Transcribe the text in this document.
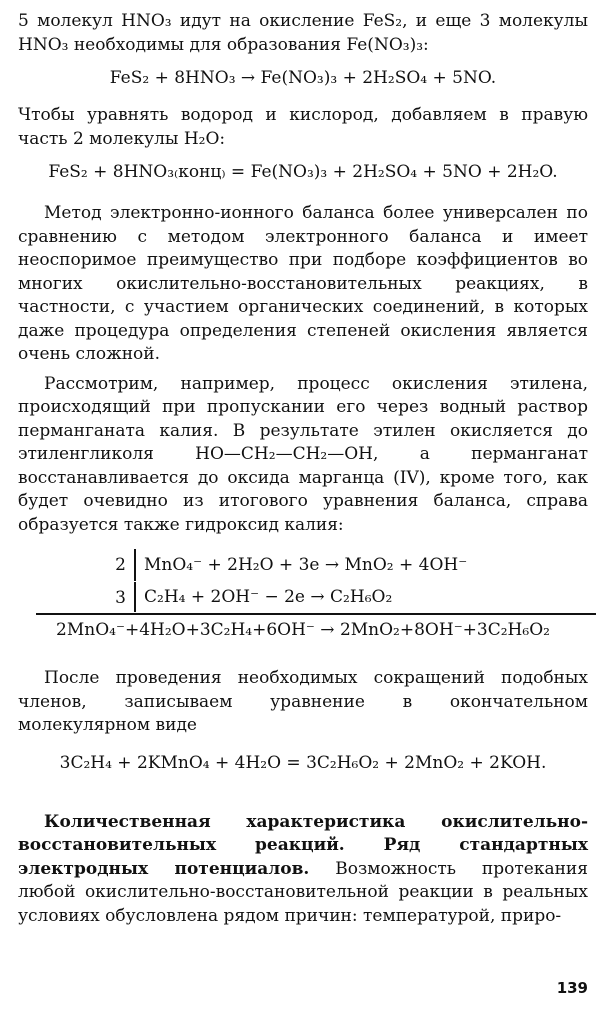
5 молекул HNO₃ идут на окисление FeS₂, и еще 3 молекулы HNO₃ необходимы для образования Fe(NO₃)₃:

FeS₂ + 8HNO₃ → Fe(NO₃)₃ + 2H₂SO₄ + 5NO.

Чтобы уравнять водород и кислород, добавляем в правую часть 2 молекулы H₂O:

FeS₂ + 8HNO₃₍конц₎ = Fe(NO₃)₃ + 2H₂SO₄ + 5NO + 2H₂O.

Метод электронно-ионного баланса более универсален по сравнению с методом электронного баланса и имеет неоспоримое преимущество при подборе коэффициентов во многих окислительно-восстановительных реакциях, в частности, с участием органических соединений, в которых даже процедура определения степеней окисления является очень сложной.

Рассмотрим, например, процесс окисления этилена, происходящий при пропускании его через водный раствор перманганата калия. В результате этилен окисляется до этиленгликоля HO—CH₂—CH₂—OH, а перманганат восстанавливается до оксида марганца (IV), кроме того, как будет очевидно из итогового уравнения баланса, справа образуется также гидроксид калия:

2	MnO₄⁻ + 2H₂O + 3e → MnO₂ + 4OH⁻
3	C₂H₄ + 2OH⁻ − 2e → C₂H₆O₂
2MnO₄⁻+4H₂O+3C₂H₄+6OH⁻ → 2MnO₂+8OH⁻+3C₂H₆O₂

После проведения необходимых сокращений подобных членов, записываем уравнение в окончательном молекулярном виде

3C₂H₄ + 2KMnO₄ + 4H₂O = 3C₂H₆O₂ + 2MnO₂ + 2KOH.

Количественная характеристика окислительно-восстановительных реакций. Ряд стандартных электродных потенциалов. Возможность протекания любой окислительно-восстановительной реакции в реальных условиях обусловлена рядом причин: температурой, приро-

139
